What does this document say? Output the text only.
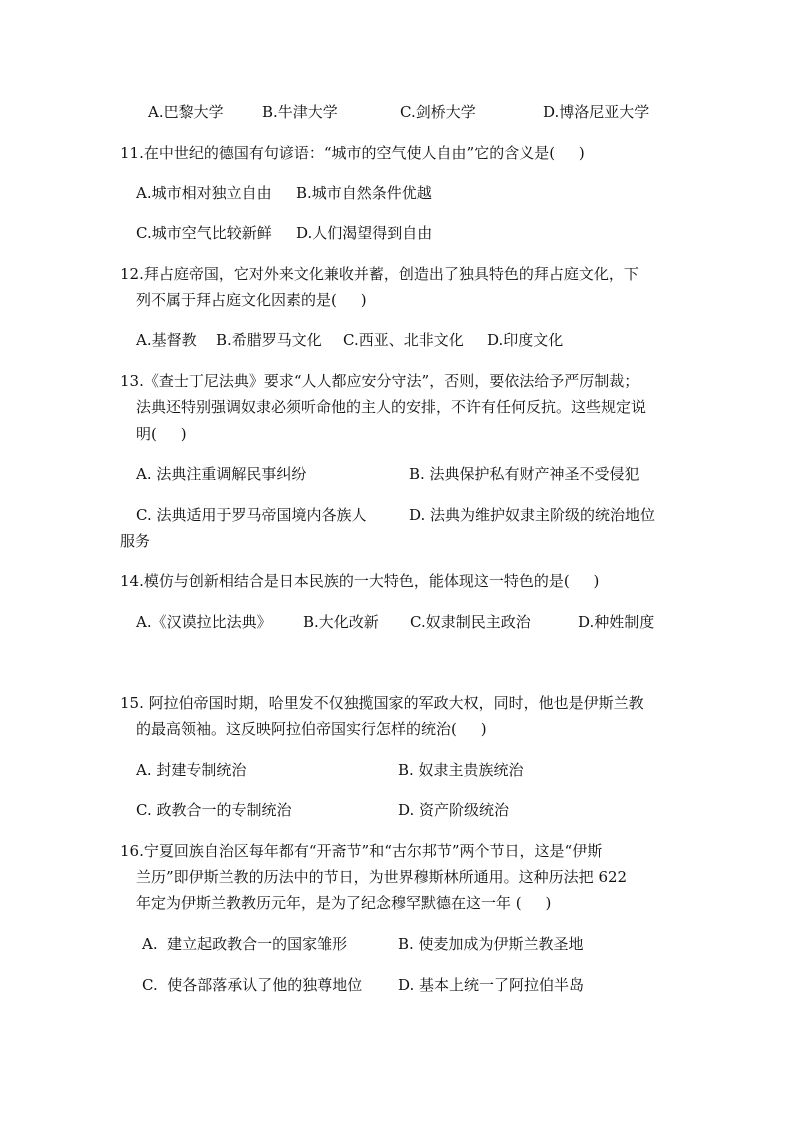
A.巴黎大学	B.牛津大学	C.剑桥大学	D.博洛尼亚大学
11.在中世纪的德国有句谚语：“城市的空气使人自由”它的含义是(     )
A.城市相对独立自由 B.城市自然条件优越
C.城市空气比较新鲜 D.人们渴望得到自由
12.拜占庭帝国，它对外来文化兼收并蓄，创造出了独具特色的拜占庭文化，下
列不属于拜占庭文化因素的是(     )
A.基督教 B.希腊罗马文化 C.西亚、北非文化 D.印度文化
13.《查士丁尼法典》要求“人人都应安分守法”，否则，要依法给予严厉制裁；
法典还特别强调奴隶必须听命他的主人的安排，不许有任何反抗。这些规定说
明(     )
A. 法典注重调解民事纠纷	B. 法典保护私有财产神圣不受侵犯
C. 法典适用于罗马帝国境内各族人	D. 法典为维护奴隶主阶级的统治地位
服务
14.模仿与创新相结合是日本民族的一大特色，能体现这一特色的是(     )
A.《汉谟拉比法典》 B.大化改新 C.奴隶制民主政治	D.种姓制度
15. 阿拉伯帝国时期，哈里发不仅独揽国家的军政大权，同时，他也是伊斯兰教
的最高领袖。这反映阿拉伯帝国实行怎样的统治(     )
A. 封建专制统治	B. 奴隶主贵族统治
C. 政教合一的专制统治	D. 资产阶级统治
16.宁夏回族自治区每年都有“开斋节”和“古尔邦节”两个节日，这是“伊斯
兰历”即伊斯兰教的历法中的节日，为世界穆斯林所通用。这种历法把 622
年定为伊斯兰教教历元年，是为了纪念穆罕默德在这一年 (     )
A.  建立起政教合一的国家雏形	B. 使麦加成为伊斯兰教圣地
C.  使各部落承认了他的独尊地位 D. 基本上统一了阿拉伯半岛
